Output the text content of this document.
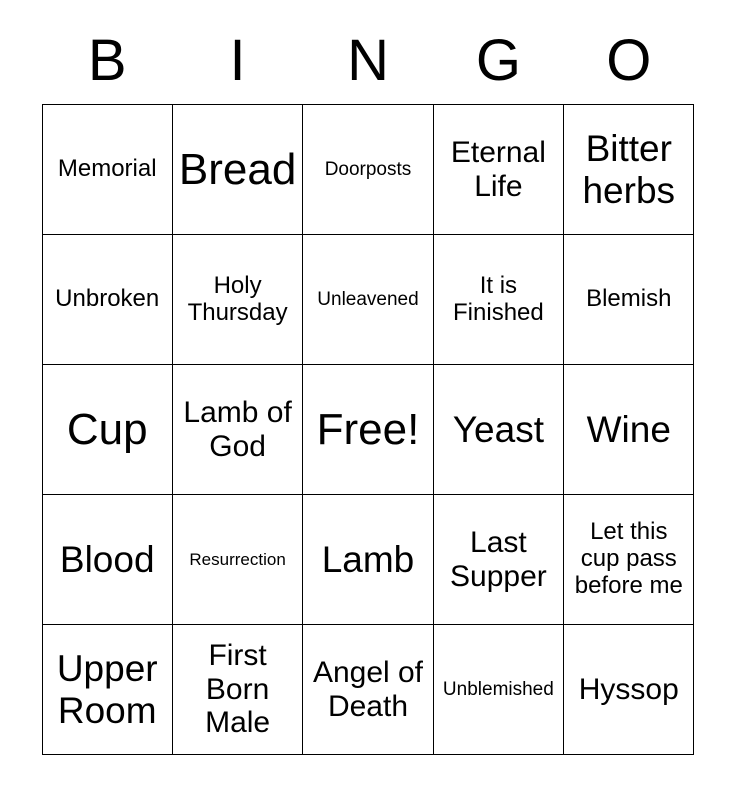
B	I	N	G	O
Memorial	Bread	Doorposts	Eternal Life	Bitter herbs

Unbroken	Holy Thursday	Unleavened	It is Finished	Blemish

Cup	Lamb of God	Free!	Yeast	Wine

Blood	Resurrection	Lamb	Last Supper	Let this cup pass before me

Upper Room	First Born Male	Angel of Death	Unblemished	Hyssop
